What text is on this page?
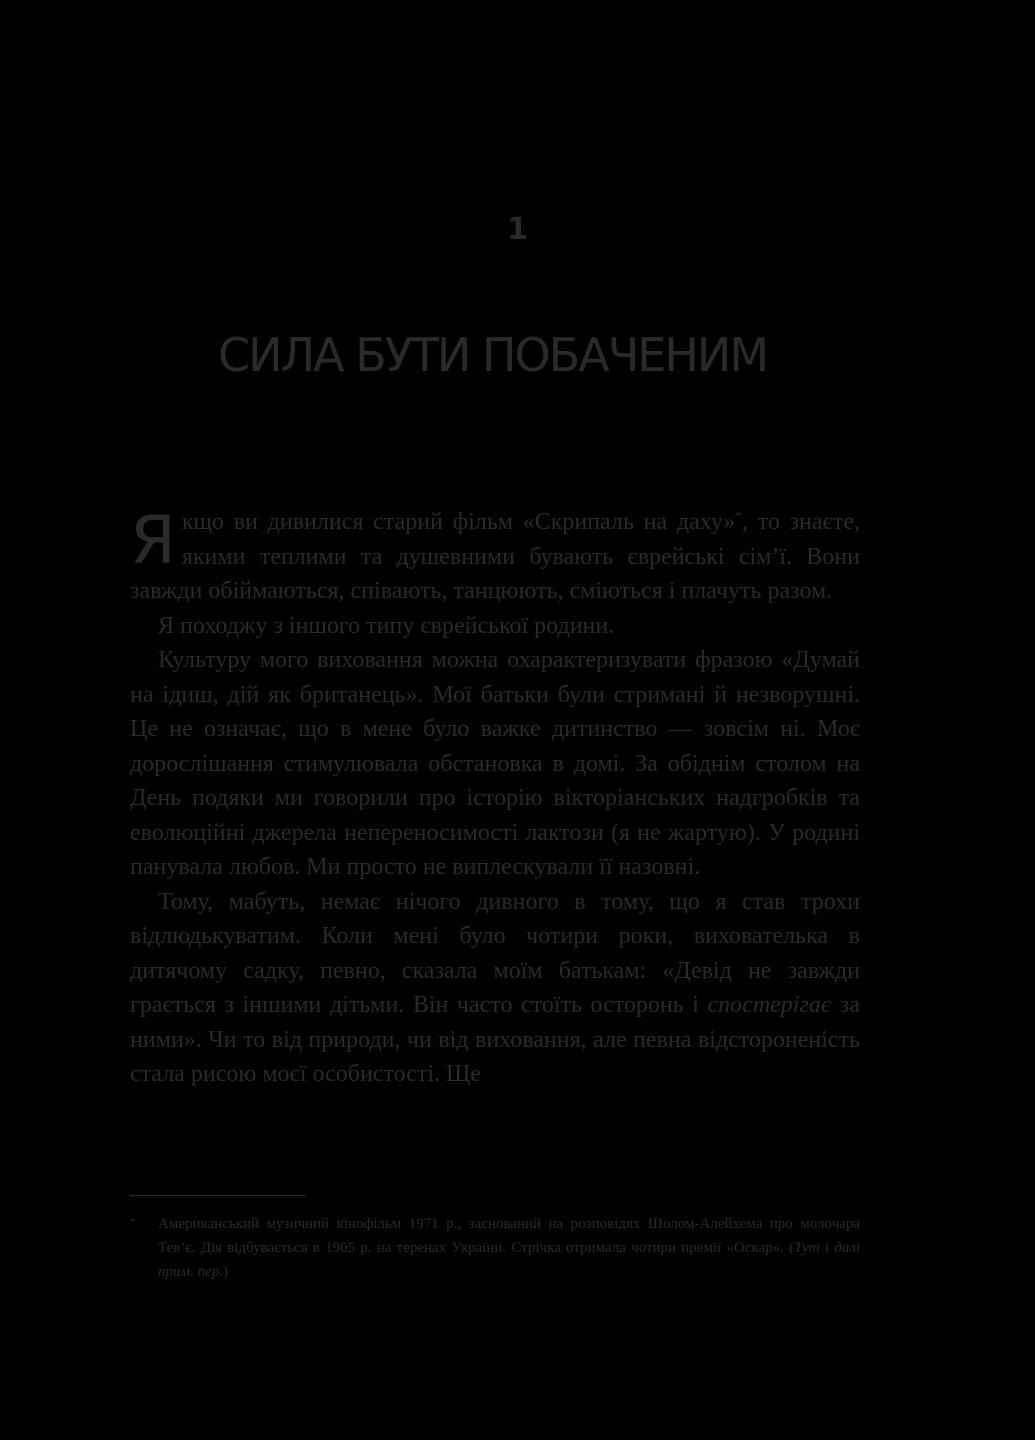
1
СИЛА БУТИ ПОБАЧЕНИМ

Якщо ви дивилися старий фільм «Скрипаль на даху»*, то знаєте, якими теплими та душевними бувають єврейські сім’ї. Вони завжди обіймаються, співають, танцюють, сміються і плачуть разом.

Я походжу з іншого типу єврейської родини.

Культуру мого виховання можна охарактеризувати фразою «Думай на ідиш, дій як британець». Мої батьки були стримані й незворушні. Це не означає, що в мене було важке дитинство — зовсім ні. Моє дорослішання стимулювала обстановка в домі. За обіднім столом на День подяки ми говорили про історію вікторіанських надгробків та еволюційні джерела непереносимості лактози (я не жартую). У родині панувала любов. Ми просто не виплескували її назовні.

Тому, мабуть, немає нічого дивного в тому, що я став трохи відлюдькуватим. Коли мені було чотири роки, вихователька в дитячому садку, певно, сказала моїм батькам: «Девід не завжди грається з іншими дітьми. Він часто стоїть осторонь і спостерігає за ними». Чи то від природи, чи від виховання, але певна відстороненість стала рисою моєї особистості. Ще

* Американський музичний кінофільм 1971 р., заснований на розповідях Шолом-Алейхема про молочара Тев’є. Дія відбувається в 1905 р. на теренах України. Стрічка отримала чотири премії «Оскар». (Тут і далі прим. пер.)
